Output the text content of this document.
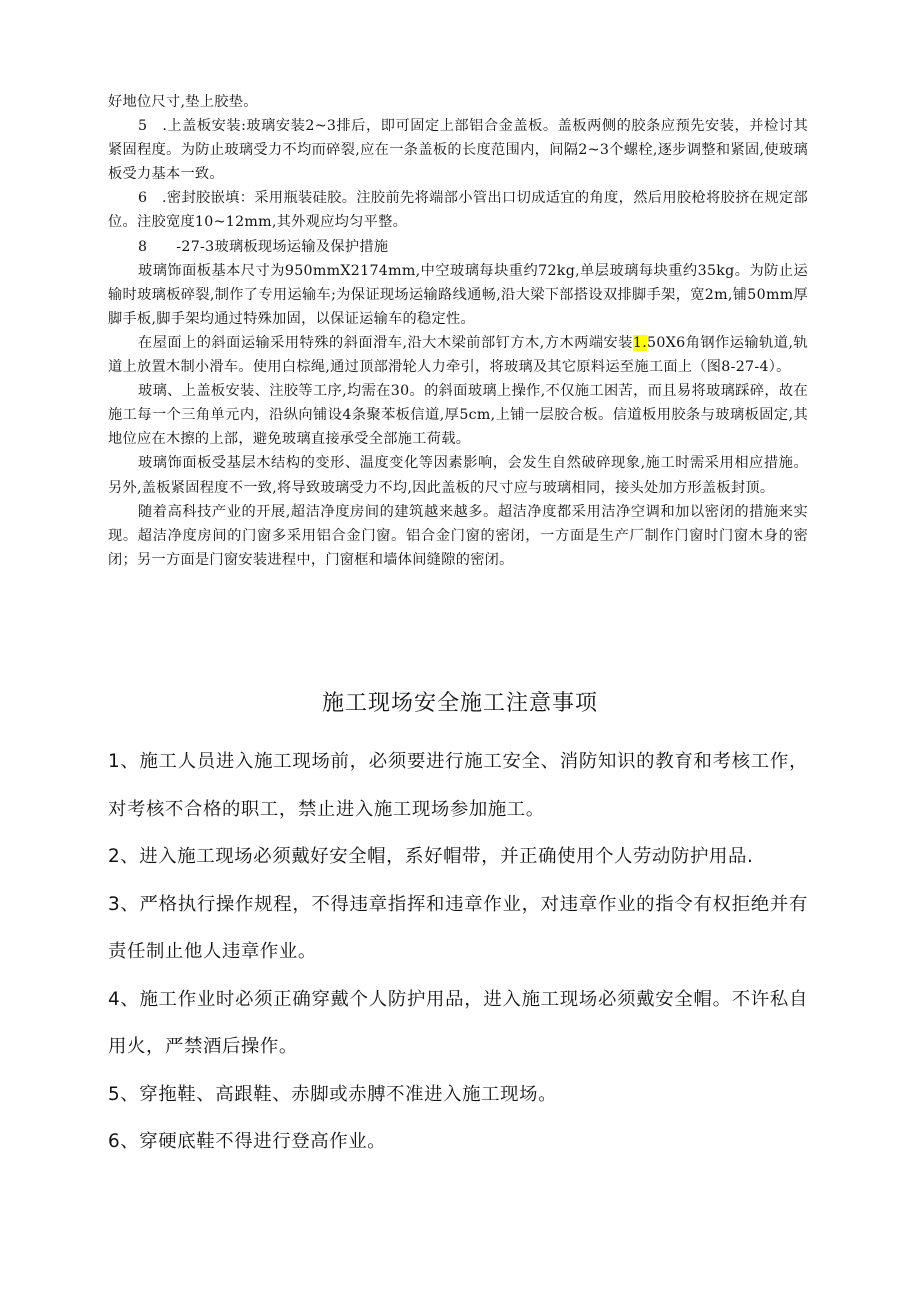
好地位尺寸,垫上胶垫。

5　.上盖板安装:玻璃安装2~3排后，即可固定上部铝合金盖板。盖板两侧的胶条应预先安装，并检讨其紧固程度。为防止玻璃受力不均而碎裂,应在一条盖板的长度范围内，间隔2~3个螺栓,逐步调整和紧固,使玻璃板受力基本一致。

6　.密封胶嵌填：采用瓶装硅胶。注胶前先将端部小管出口切成适宜的角度，然后用胶枪将胶挤在规定部位。注胶宽度10~12mm,其外观应均匀平整。

8　　-27-3玻璃板现场运输及保护措施

玻璃饰面板基本尺寸为950mmX2174mm,中空玻璃每块重约72kg,单层玻璃每块重约35kg。为防止运输时玻璃板碎裂,制作了专用运输车;为保证现场运输路线通畅,沿大梁下部搭设双排脚手架，宽2m,铺50mm厚脚手板,脚手架均通过特殊加固，以保证运输车的稳定性。

在屋面上的斜面运输采用特殊的斜面滑车,沿大木梁前部钉方木,方木两端安装1.50X6角钢作运输轨道,轨道上放置木制小滑车。使用白棕绳,通过顶部滑轮人力牵引，将玻璃及其它原料运至施工面上（图8-27-4）。

玻璃、上盖板安装、注胶等工序,均需在30。的斜面玻璃上操作,不仅施工困苦，而且易将玻璃踩碎，故在施工每一个三角单元内，沿纵向铺设4条聚苯板信道,厚5cm,上铺一层胶合板。信道板用胶条与玻璃板固定,其地位应在木擦的上部，避免玻璃直接承受全部施工荷载。

玻璃饰面板受基层木结构的变形、温度变化等因素影响，会发生自然破碎现象,施工时需采用相应措施。另外,盖板紧固程度不一致,将导致玻璃受力不均,因此盖板的尺寸应与玻璃相同，接头处加方形盖板封顶。

随着高科技产业的开展,超洁净度房间的建筑越来越多。超洁净度都采用洁净空调和加以密闭的措施来实现。超洁净度房间的门窗多采用铝合金门窗。铝合金门窗的密闭，一方面是生产厂制作门窗时门窗木身的密闭；另一方面是门窗安装进程中，门窗框和墙体间缝隙的密闭。

施工现场安全施工注意事项

1、施工人员进入施工现场前，必须要进行施工安全、消防知识的教育和考核工作，对考核不合格的职工，禁止进入施工现场参加施工。

2、进入施工现场必须戴好安全帽，系好帽带，并正确使用个人劳动防护用品.

3、严格执行操作规程，不得违章指挥和违章作业，对违章作业的指令有权拒绝并有责任制止他人违章作业。

4、施工作业时必须正确穿戴个人防护用品，进入施工现场必须戴安全帽。不许私自用火，严禁酒后操作。

5、穿拖鞋、高跟鞋、赤脚或赤膊不准进入施工现场。

6、穿硬底鞋不得进行登高作业。
